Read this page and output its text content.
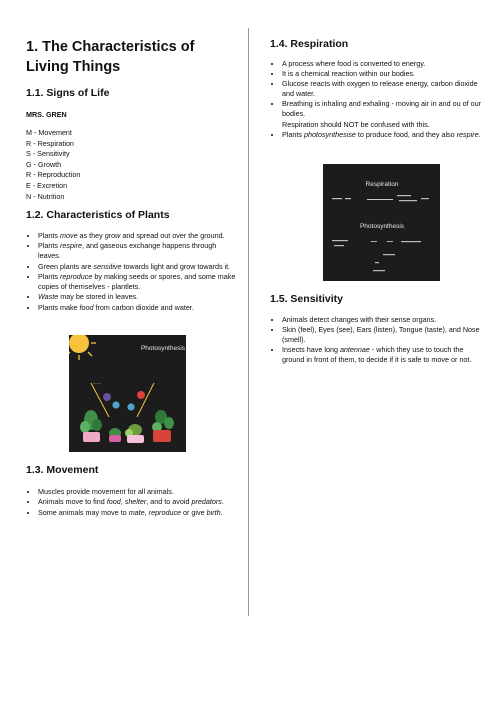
1. The Characteristics of
Living Things
1.1. Signs of Life
MRS. GREN
M - Movement
R - Respiration
S - Sensitivity
G - Growth
R - Reproduction
E - Excretion
N - Nutrition
1.2. Characteristics of Plants
• Plants move as they grow and spread out over the ground.
• Plants respire, and gaseous exchange happens through leaves.
• Green plants are sensitive towards light and grow towards it.
• Plants reproduce by making seeds or spores, and some make copies of themselves - plantlets.
• Waste may be stored in leaves.
• Plants make food from carbon dioxide and water.
Photosynthesis
~~~~
1.3. Movement
• Muscles provide movement for all animals.
• Animals move to find food, shelter, and to avoid predators.
• Some animals may move to mate, reproduce or give birth.
1.4. Respiration
• A process where food is converted to energy.
• It is a chemical reaction within our bodies.
• Glucose reacts with oxygen to release energy, carbon dioxide and water.
• Breathing is inhaling and exhaling - moving air in and ou of our bodies.
Respiration should NOT be confused with this.
• Plants photosynthesise to produce food, and they also respire.
Respiration
Photosynthesis
1.5. Sensitivity
• Animals detect changes with their sense organs.
• Skin (feel), Eyes (see), Ears (listen), Tongue (taste), and Nose (smell).
• Insects have long antennae - which they use to touch the ground in front of them, to decide if it is safe to move or not.
